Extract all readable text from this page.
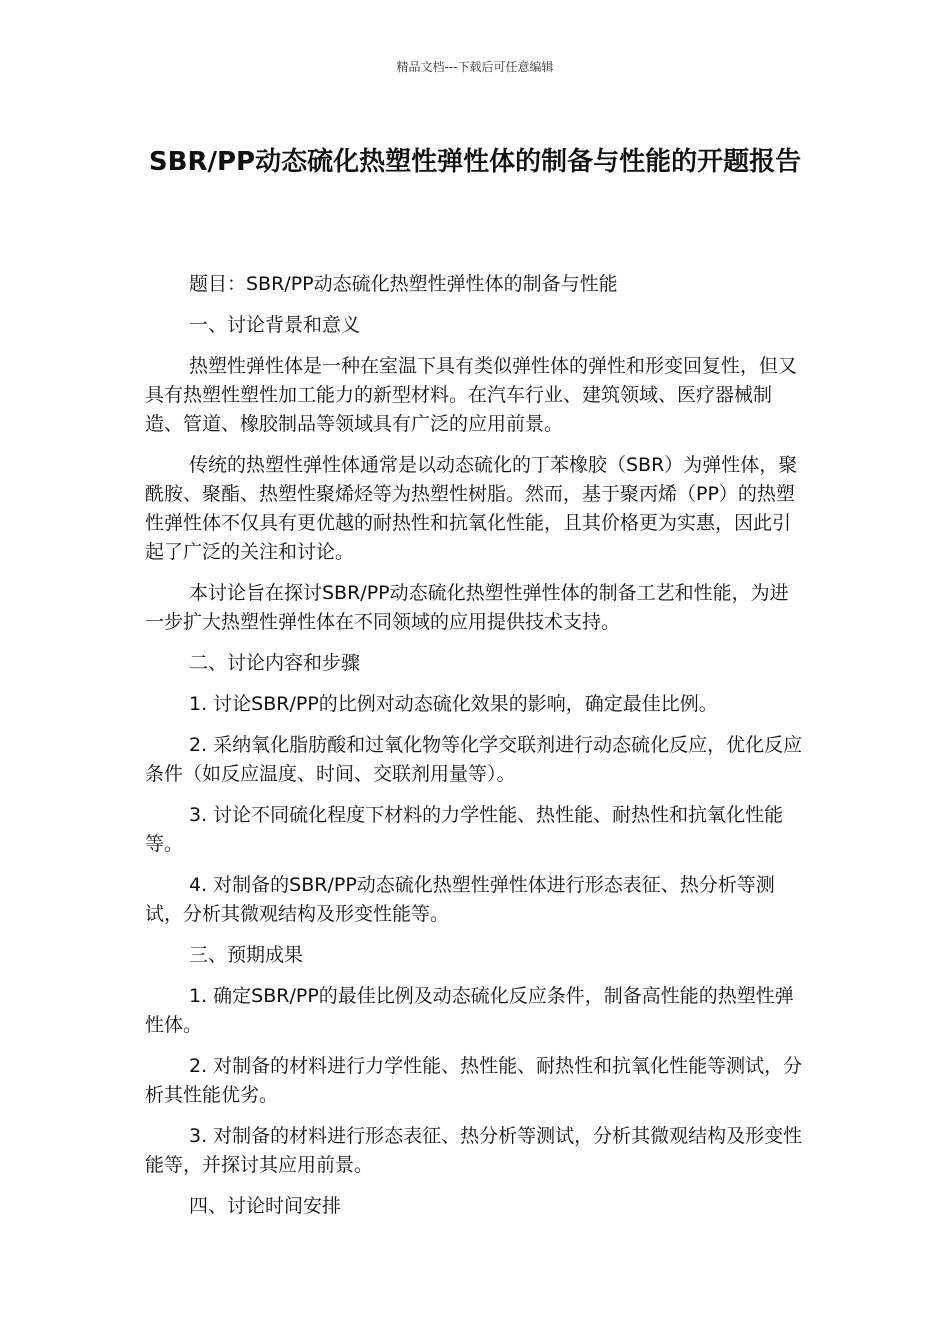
精品文档---下载后可任意编辑
SBR/PP动态硫化热塑性弹性体的制备与性能的开题报告

题目：SBR/PP动态硫化热塑性弹性体的制备与性能

一、讨论背景和意义

热塑性弹性体是一种在室温下具有类似弹性体的弹性和形变回复性，但又具有热塑性塑性加工能力的新型材料。在汽车行业、建筑领域、医疗器械制造、管道、橡胶制品等领域具有广泛的应用前景。

传统的热塑性弹性体通常是以动态硫化的丁苯橡胶（SBR）为弹性体，聚酰胺、聚酯、热塑性聚烯烃等为热塑性树脂。然而，基于聚丙烯（PP）的热塑性弹性体不仅具有更优越的耐热性和抗氧化性能，且其价格更为实惠，因此引起了广泛的关注和讨论。

本讨论旨在探讨SBR/PP动态硫化热塑性弹性体的制备工艺和性能，为进一步扩大热塑性弹性体在不同领域的应用提供技术支持。

二、讨论内容和步骤

1. 讨论SBR/PP的比例对动态硫化效果的影响，确定最佳比例。

2. 采纳氧化脂肪酸和过氧化物等化学交联剂进行动态硫化反应，优化反应条件（如反应温度、时间、交联剂用量等）。

3. 讨论不同硫化程度下材料的力学性能、热性能、耐热性和抗氧化性能等。

4. 对制备的SBR/PP动态硫化热塑性弹性体进行形态表征、热分析等测试，分析其微观结构及形变性能等。

三、预期成果

1. 确定SBR/PP的最佳比例及动态硫化反应条件，制备高性能的热塑性弹性体。

2. 对制备的材料进行力学性能、热性能、耐热性和抗氧化性能等测试，分析其性能优劣。

3. 对制备的材料进行形态表征、热分析等测试，分析其微观结构及形变性能等，并探讨其应用前景。

四、讨论时间安排
